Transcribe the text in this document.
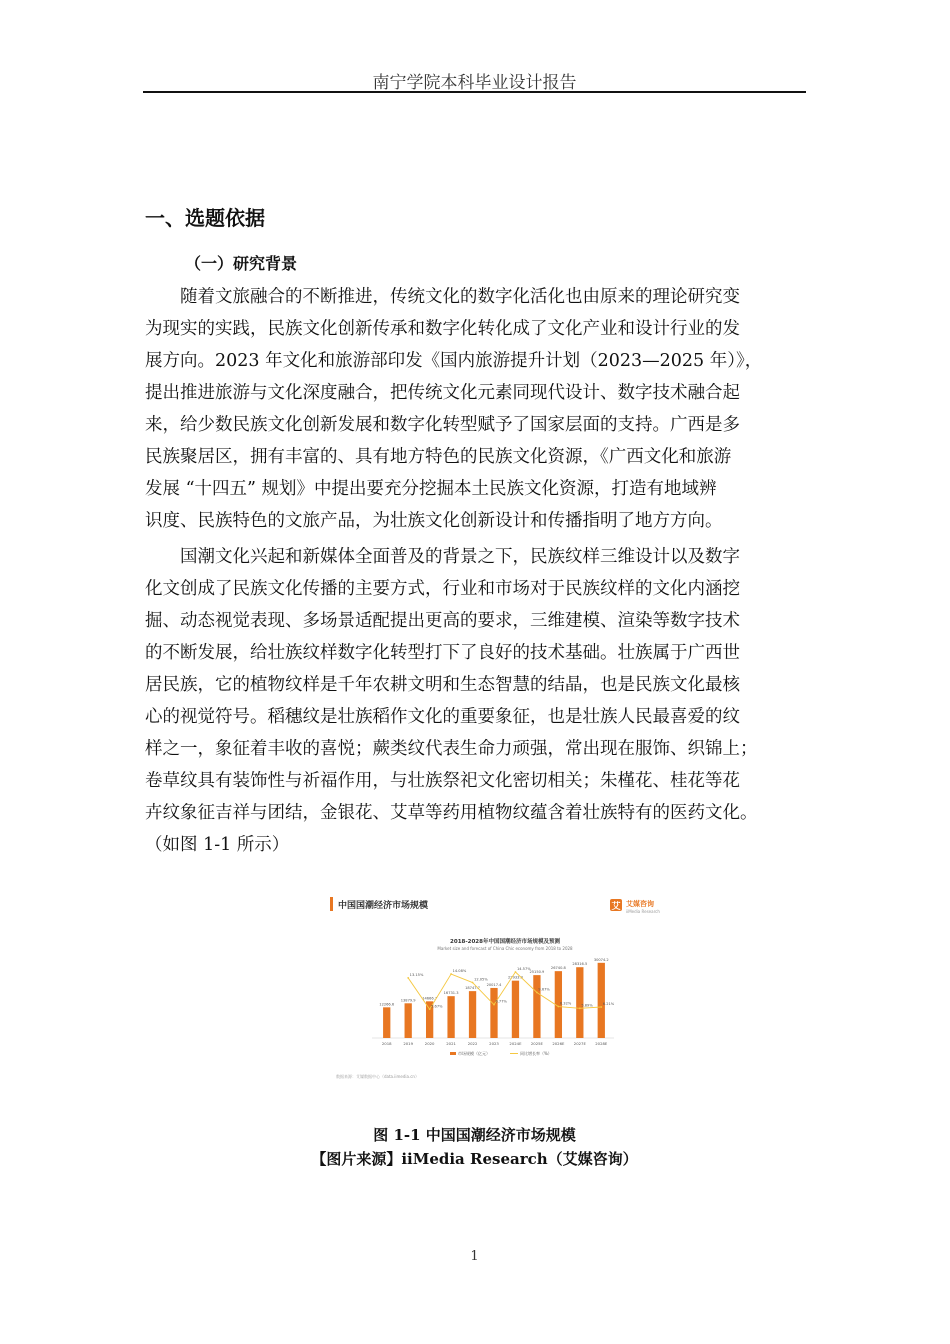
南宁学院本科毕业设计报告
一、选题依据
（一）研究背景

　　随着文旅融合的不断推进，传统文化的数字化活化也由原来的理论研究变
为现实的实践，民族文化创新传承和数字化转化成了文化产业和设计行业的发
展方向。2023 年文化和旅游部印发《国内旅游提升计划（2023—2025 年）》，
提出推进旅游与文化深度融合，把传统文化元素同现代设计、数字技术融合起
来，给少数民族文化创新发展和数字化转型赋予了国家层面的支持。广西是多
民族聚居区，拥有丰富的、具有地方特色的民族文化资源，《广西文化和旅游
发展 “十四五” 规划》中提出要充分挖掘本土民族文化资源，打造有地域辨
识度、民族特色的文旅产品，为壮族文化创新设计和传播指明了地方方向。

　　国潮文化兴起和新媒体全面普及的背景之下，民族纹样三维设计以及数字
化文创成了民族文化传播的主要方式，行业和市场对于民族纹样的文化内涵挖
掘、动态视觉表现、多场景适配提出更高的要求，三维建模、渲染等数字技术
的不断发展，给壮族纹样数字化转型打下了良好的技术基础。壮族属于广西世
居民族，它的植物纹样是千年农耕文明和生态智慧的结晶，也是民族文化最核
心的视觉符号。稻穗纹是壮族稻作文化的重要象征，也是壮族人民最喜爱的纹
样之一，象征着丰收的喜悦；蕨类纹代表生命力顽强，常出现在服饰、织锦上；
卷草纹具有装饰性与祈福作用，与壮族祭祀文化密切相关；朱槿花、桂花等花
卉纹象征吉祥与团结，金银花、艾草等药用植物纹蕴含着壮族特有的医药文化。
（如图 1-1 所示）

中国国潮经济市场规模	艾 艾媒咨询
iiMedia Research
2018-2028年中国国潮经济市场规模及预测
Market size and forecast of China Chic economy from 2018 to 2028
12266.6
2018
13879.9
2019
14666.7
2020
16731.3
2021
18747.7
2022
20017.4
2023
22933.3
2024E
25150.9
2025E
26740.8
2026E
28316.5
2027E
30074.2
2028E
13.15%
5.67%
14.08%
12.05%
6.77%
14.57%
9.67%
6.32%	5.89%	6.21%
市场规模（亿元）	同比增长率（%）
数据来源：艾媒数据中心（data.iimedia.cn）
图 1-1 中国国潮经济市场规模
【图片来源】iiMedia Research（艾媒咨询）
1
